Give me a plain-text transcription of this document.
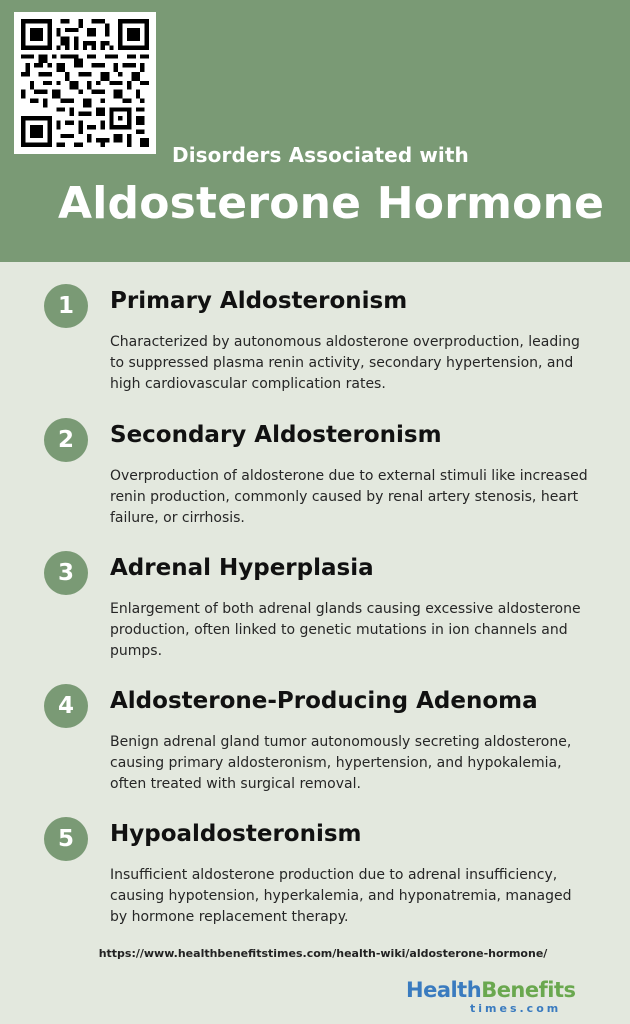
Disorders Associated with
Aldosterone Hormone
1	Primary Aldosteronism
Characterized by autonomous aldosterone overproduction, leading to suppressed plasma renin activity, secondary hypertension, and high cardiovascular complication rates.
2	Secondary Aldosteronism
Overproduction of aldosterone due to external stimuli like increased renin production, commonly caused by renal artery stenosis, heart failure, or cirrhosis.
3	Adrenal Hyperplasia
Enlargement of both adrenal glands causing excessive aldosterone production, often linked to genetic mutations in ion channels and pumps.
4	Aldosterone-Producing Adenoma
Benign adrenal gland tumor autonomously secreting aldosterone, causing primary aldosteronism, hypertension, and hypokalemia, often treated with surgical removal.
5	Hypoaldosteronism
Insufficient aldosterone production due to adrenal insufficiency, causing hypotension, hyperkalemia, and hyponatremia, managed by hormone replacement therapy.
https://www.healthbenefitstimes.com/health-wiki/aldosterone-hormone/
HealthBenefits
times.com
